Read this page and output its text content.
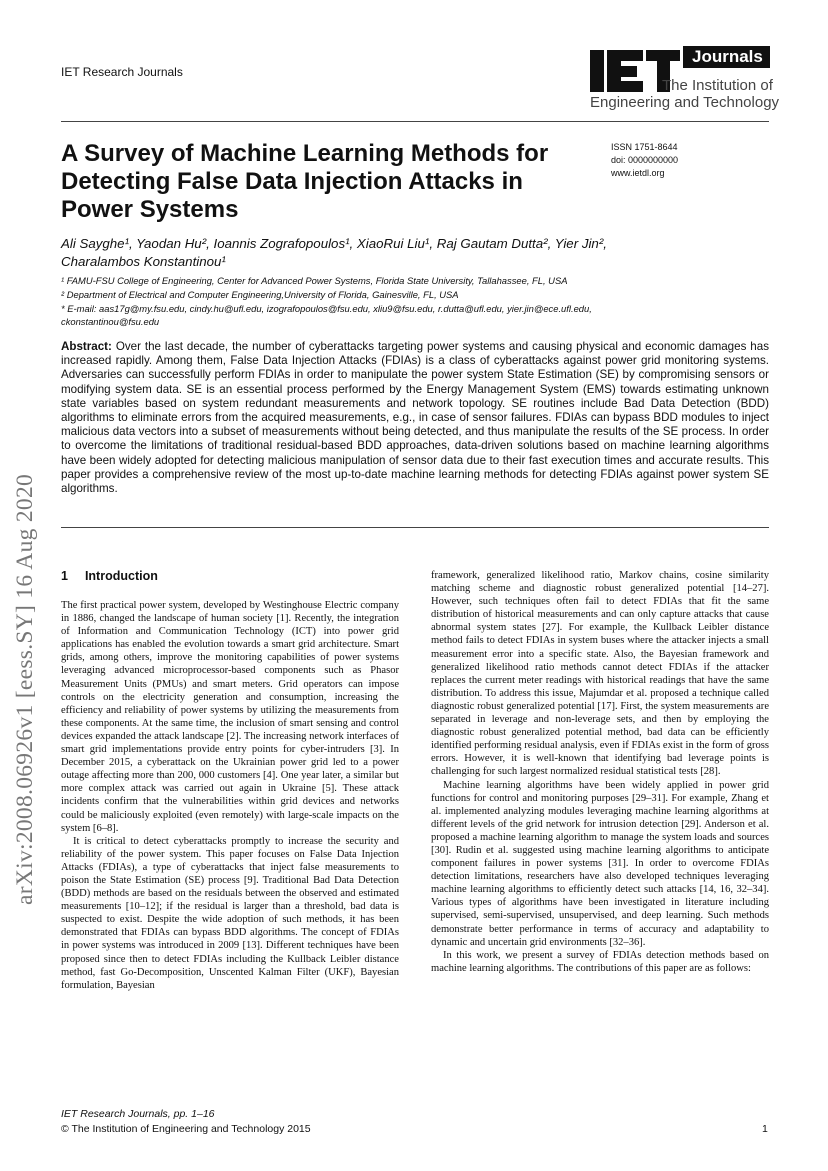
IET Research Journals
Journals
The Institution of
Engineering and Technology
A Survey of Machine Learning Methods for Detecting False Data Injection Attacks in Power Systems
ISSN 1751-8644
doi: 0000000000
www.ietdl.org
Ali Sayghe¹, Yaodan Hu², Ioannis Zografopoulos¹, XiaoRui Liu¹, Raj Gautam Dutta², Yier Jin²,
Charalambos Konstantinou¹
¹ FAMU-FSU College of Engineering, Center for Advanced Power Systems, Florida State University, Tallahassee, FL, USA
² Department of Electrical and Computer Engineering,University of Florida, Gainesville, FL, USA
* E-mail: aas17g@my.fsu.edu, cindy.hu@ufl.edu, izografopoulos@fsu.edu, xliu9@fsu.edu, r.dutta@ufl.edu, yier.jin@ece.ufl.edu,
ckonstantinou@fsu.edu
Abstract: Over the last decade, the number of cyberattacks targeting power systems and causing physical and economic damages has increased rapidly. Among them, False Data Injection Attacks (FDIAs) is a class of cyberattacks against power grid monitoring systems. Adversaries can successfully perform FDIAs in order to manipulate the power system State Estimation (SE) by compromising sensors or modifying system data. SE is an essential process performed by the Energy Management System (EMS) towards estimating unknown state variables based on system redundant measurements and network topology. SE routines include Bad Data Detection (BDD) algorithms to eliminate errors from the acquired measurements, e.g., in case of sensor failures. FDIAs can bypass BDD modules to inject malicious data vectors into a subset of measurements without being detected, and thus manipulate the results of the SE process. In order to overcome the limitations of traditional residual-based BDD approaches, data-driven solutions based on machine learning algorithms have been widely adopted for detecting malicious manipulation of sensor data due to their fast execution times and accurate results. This paper provides a comprehensive review of the most up-to-date machine learning methods for detecting FDIAs against power system SE algorithms.
arXiv:2008.06926v1 [eess.SY] 16 Aug 2020 1 Introduction

The first practical power system, developed by Westinghouse Electric company in 1886, changed the landscape of human society [1]. Recently, the integration of Information and Communication Technology (ICT) into power grid applications has enabled the evolution towards a smart grid architecture. Smart grids, among others, improve the monitoring capabilities of power systems leveraging advanced microprocessor-based components such as Phasor Measurement Units (PMUs) and smart meters. Grid operators can impose controls on the electricity generation and consumption, increasing the efficiency and reliability of power systems by utilizing the measurements from these components. At the same time, the inclusion of smart sensing and control devices expanded the attack landscape [2]. The increasing network interfaces of smart grid implementations provide entry points for cyber-intruders [3]. In December 2015, a cyberattack on the Ukrainian power grid led to a power outage affecting more than 200, 000 customers [4]. One year later, a similar but more complex attack was carried out again in Ukraine [5]. These attack incidents confirm that the vulnerabilities within grid devices and networks could be maliciously exploited (even remotely) with large-scale impacts on the system [6–8].

It is critical to detect cyberattacks promptly to increase the security and reliability of the power system. This paper focuses on False Data Injection Attacks (FDIAs), a type of cyberattacks that inject false measurements to poison the State Estimation (SE) process [9]. Traditional Bad Data Detection (BDD) methods are based on the residuals between the observed and estimated measurements [10–12]; if the residual is larger than a threshold, bad data is suspected to exist. Despite the wide adoption of such methods, it has been demonstrated that FDIAs can bypass BDD algorithms. The concept of FDIAs in power systems was introduced in 2009 [13]. Different techniques have been proposed since then to detect FDIAs including the Kullback Leibler distance method, fast Go-Decomposition, Unscented Kalman Filter (UKF), Bayesian formulation, Bayesian

framework, generalized likelihood ratio, Markov chains, cosine similarity matching scheme and diagnostic robust generalized potential [14–27]. However, such techniques often fail to detect FDIAs that fit the same distribution of historical measurements and can only capture attacks that cause abnormal system states [27]. For example, the Kullback Leibler distance method fails to detect FDIAs in system buses where the attacker injects a small measurement error into a specific state. Also, the Bayesian framework and generalized likelihood ratio methods cannot detect FDIAs if the attacker replaces the current meter readings with historical readings that have the same distribution. To address this issue, Majumdar et al. proposed a technique called diagnostic robust generalized potential [17]. First, the system measurements are separated in leverage and non-leverage sets, and then by employing the diagnostic robust generalized potential method, bad data can be efficiently identified performing residual analysis, even if FDIAs exist in the form of gross errors. However, it is well-known that identifying bad leverage points is challenging for such largest normalized residual statistical tests [28].

Machine learning algorithms have been widely applied in power grid functions for control and monitoring purposes [29–31]. For example, Zhang et al. implemented analyzing modules leveraging machine learning algorithms at different levels of the grid network for intrusion detection [29]. Anderson et al. proposed a machine learning algorithm to manage the system loads and sources [30]. Rudin et al. suggested using machine learning algorithms to anticipate component failures in power systems [31]. In order to overcome FDIAs detection limitations, researchers have also developed techniques leveraging machine learning algorithms to efficiently detect such attacks [14, 16, 32–34]. Various types of algorithms have been investigated in literature including supervised, semi-supervised, unsupervised, and deep learning. Such methods demonstrate better performance in terms of accuracy and adaptability to dynamic and uncertain grid environments [32–36].

In this work, we present a survey of FDIAs detection methods based on machine learning algorithms. The contributions of this paper are as follows:

IET Research Journals, pp. 1–16
© The Institution of Engineering and Technology 2015	1
